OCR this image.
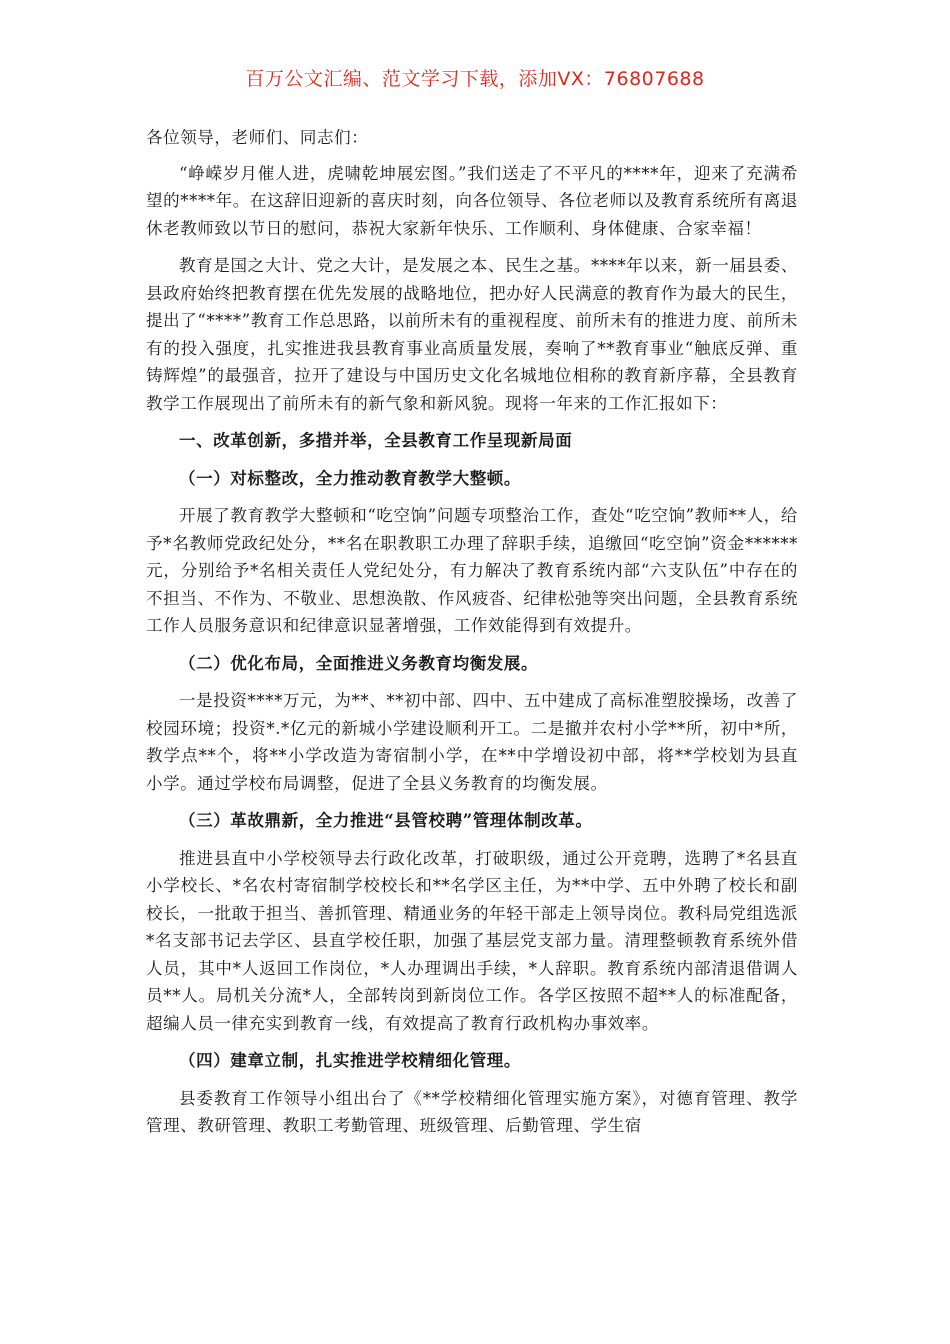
百万公文汇编、范文学习下载，添加VX：76807688

各位领导，老师们、同志们：

“峥嵘岁月催人进，虎啸乾坤展宏图。”我们送走了不平凡的****年，迎来了充满希望的****年。在这辞旧迎新的喜庆时刻，向各位领导、各位老师以及教育系统所有离退休老教师致以节日的慰问，恭祝大家新年快乐、工作顺利、身体健康、合家幸福！

教育是国之大计、党之大计，是发展之本、民生之基。****年以来，新一届县委、县政府始终把教育摆在优先发展的战略地位，把办好人民满意的教育作为最大的民生，提出了“****”教育工作总思路，以前所未有的重视程度、前所未有的推进力度、前所未有的投入强度，扎实推进我县教育事业高质量发展，奏响了**教育事业“触底反弹、重铸辉煌”的最强音，拉开了建设与中国历史文化名城地位相称的教育新序幕，全县教育教学工作展现出了前所未有的新气象和新风貌。现将一年来的工作汇报如下：

一、改革创新，多措并举，全县教育工作呈现新局面

（一）对标整改，全力推动教育教学大整顿。

开展了教育教学大整顿和“吃空饷”问题专项整治工作，查处“吃空饷”教师**人，给予*名教师党政纪处分，**名在职教职工办理了辞职手续，追缴回“吃空饷”资金******元，分别给予*名相关责任人党纪处分，有力解决了教育系统内部“六支队伍”中存在的不担当、不作为、不敬业、思想涣散、作风疲沓、纪律松弛等突出问题，全县教育系统工作人员服务意识和纪律意识显著增强，工作效能得到有效提升。

（二）优化布局，全面推进义务教育均衡发展。

一是投资****万元，为**、**初中部、四中、五中建成了高标准塑胶操场，改善了校园环境；投资*.*亿元的新城小学建设顺利开工。二是撤并农村小学**所，初中*所，教学点**个，将**小学改造为寄宿制小学，在**中学增设初中部，将**学校划为县直小学。通过学校布局调整，促进了全县义务教育的均衡发展。

（三）革故鼎新，全力推进“县管校聘”管理体制改革。

推进县直中小学校领导去行政化改革，打破职级，通过公开竞聘，选聘了*名县直小学校长、*名农村寄宿制学校校长和**名学区主任，为**中学、五中外聘了校长和副校长，一批敢于担当、善抓管理、精通业务的年轻干部走上领导岗位。教科局党组选派*名支部书记去学区、县直学校任职，加强了基层党支部力量。清理整顿教育系统外借人员，其中*人返回工作岗位，*人办理调出手续，*人辞职。教育系统内部清退借调人员**人。局机关分流*人，全部转岗到新岗位工作。各学区按照不超**人的标准配备，超编人员一律充实到教育一线，有效提高了教育行政机构办事效率。

（四）建章立制，扎实推进学校精细化管理。

县委教育工作领导小组出台了《**学校精细化管理实施方案》，对德育管理、教学管理、教研管理、教职工考勤管理、班级管理、后勤管理、学生宿
